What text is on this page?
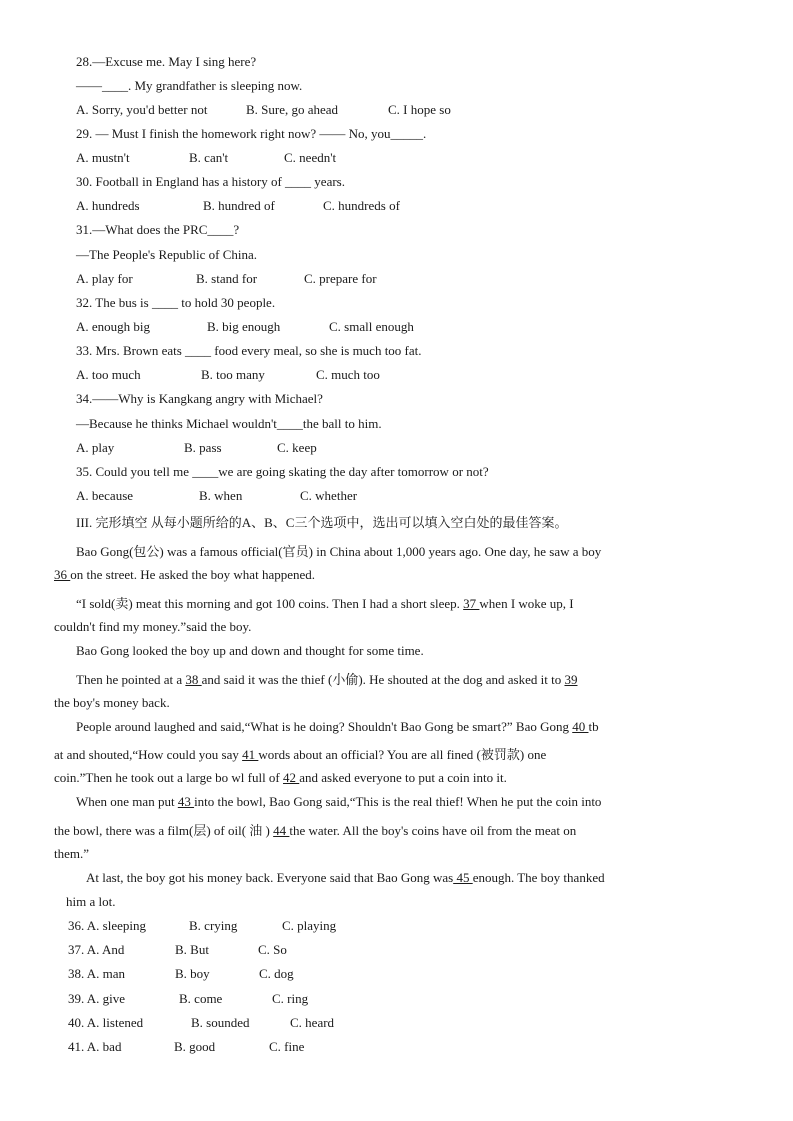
28.—Excuse me. May I sing here?
——____. My grandfather is sleeping now.
A. Sorry, you'd better not	B. Sure, go ahead	C. I hope so
29. — Must I finish the homework right now? —— No, you_____.
A. mustn't	B. can't	C. needn't
30. Football in England has a history of ____ years.
A. hundreds	B. hundred of	C. hundreds of
31.—What does the PRC____?
—The People's Republic of China.
A. play for	B. stand for	C. prepare for
32. The bus is ____ to hold 30 people.
A. enough big	B. big enough	C. small enough
33. Mrs. Brown eats ____ food every meal, so she is much too fat.
A. too much	B. too many	C. much too
34.——Why is Kangkang angry with Michael?
—Because he thinks Michael wouldn't____the ball to him.
A. play	B. pass	C. keep
35. Could you tell me ____we are going skating the day after tomorrow or not?
A. because	B. when	C. whether
III. 完形填空 从每小题所给的A、B、C三个选项中，选出可以填入空白处的最佳答案。
Bao Gong(包公) was a famous official(官员) in China about 1,000 years ago. One day, he saw a boy
36 on the street. He asked the boy what happened.
“I sold(卖) meat this morning and got 100 coins. Then I had a short sleep. 37 when I woke up, I
couldn't find my money.”said the boy.
Bao Gong looked the boy up and down and thought for some time.
Then he pointed at a 38 and said it was the thief (小偷). He shouted at the dog and asked it to 39
the boy's money back.
People around laughed and said,“What is he doing? Shouldn't Bao Gong be smart?” Bao Gong 40 tb
at and shouted,“How could you say 41 words about an official? You are all fined (被罚款) one
coin.”Then he took out a large bo wl full of 42 and asked everyone to put a coin into it.
When one man put 43 into the bowl, Bao Gong said,“This is the real thief! When he put the coin into
the bowl, there was a film(层) of oil( 油 ) 44 the water. All the boy's coins have oil from the meat on
them.”
At last, the boy got his money back. Everyone said that Bao Gong was 45 enough. The boy thanked
him a lot.
36. A. sleeping	B. crying	C. playing
37. A. And	B. But	C. So
38. A. man	B. boy	C. dog
39. A. give	B. come	C. ring
40. A. listened	B. sounded	C. heard
41. A. bad	B. good	C. fine
